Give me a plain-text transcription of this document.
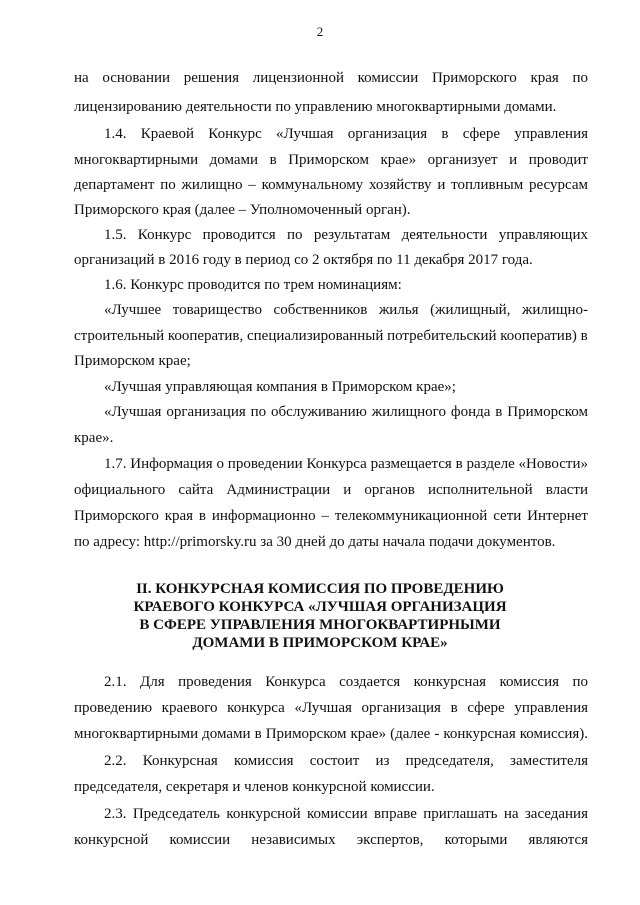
2
на основании решения лицензионной комиссии Приморского края по
лицензированию деятельности по управлению многоквартирными домами.
1.4. Краевой Конкурс «Лучшая организация в сфере управления
многоквартирными домами в Приморском крае» организует и проводит
департамент по жилищно – коммунальному хозяйству и топливным ресурсам
Приморского края (далее – Уполномоченный орган).
1.5. Конкурс проводится по результатам деятельности управляющих
организаций в 2016 году в период со 2 октября по 11 декабря 2017 года.
1.6. Конкурс проводится по трем номинациям:
«Лучшее товарищество собственников жилья (жилищный, жилищно-
строительный кооператив, специализированный потребительский кооператив) в
Приморском крае;
«Лучшая управляющая компания в Приморском крае»;
«Лучшая организация по обслуживанию жилищного фонда в Приморском
крае».
1.7. Информация о проведении Конкурса размещается в разделе «Новости»
официального сайта Администрации и органов исполнительной власти
Приморского края в информационно – телекоммуникационной сети Интернет
по адресу: http://primorsky.ru за 30 дней до даты начала подачи документов.
II. КОНКУРСНАЯ КОМИССИЯ ПО ПРОВЕДЕНИЮ
КРАЕВОГО КОНКУРСА «ЛУЧШАЯ ОРГАНИЗАЦИЯ
В СФЕРЕ УПРАВЛЕНИЯ МНОГОКВАРТИРНЫМИ
ДОМАМИ В ПРИМОРСКОМ КРАЕ»
2.1. Для проведения Конкурса создается конкурсная комиссия по
проведению краевого конкурса «Лучшая организация в сфере управления
многоквартирными домами в Приморском крае» (далее - конкурсная комиссия).
2.2. Конкурсная комиссия состоит из председателя, заместителя
председателя, секретаря и членов конкурсной комиссии.
2.3. Председатель конкурсной комиссии вправе приглашать на заседания
конкурсной комиссии независимых экспертов, которыми являются
